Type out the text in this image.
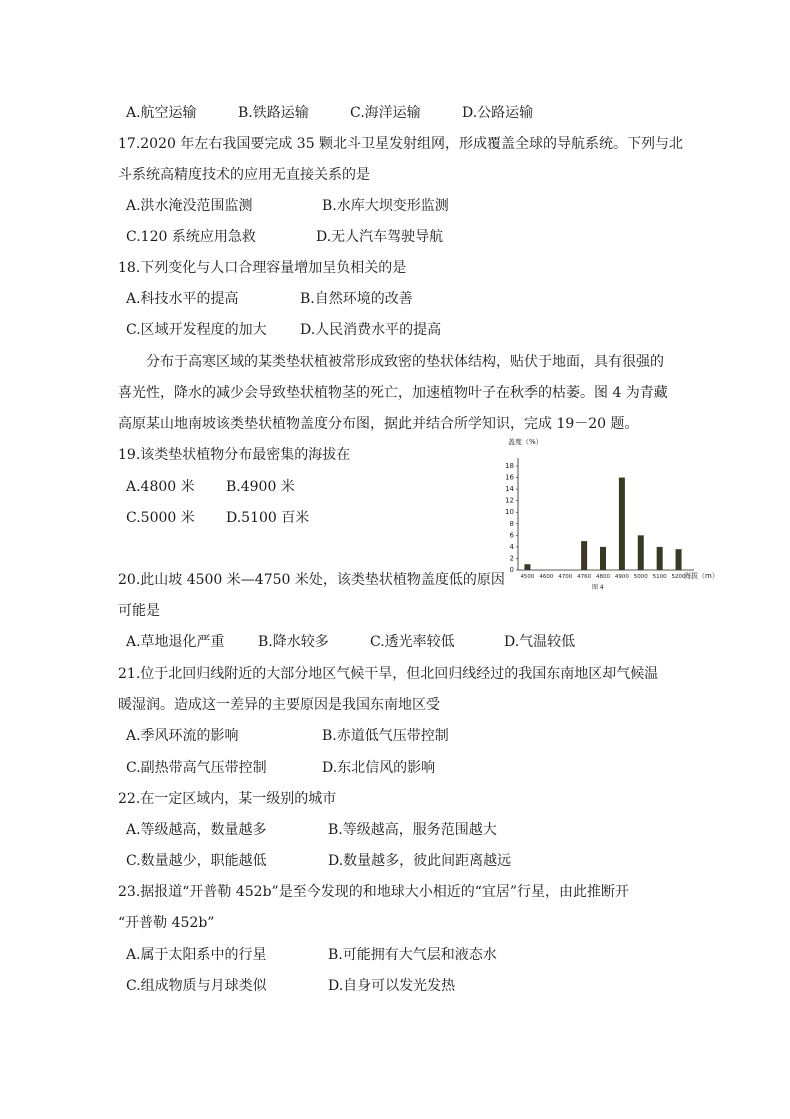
A.航空运输	B.铁路运输	C.海洋运输	D.公路运输
17.2020 年左右我国要完成 35 颗北斗卫星发射组网，形成覆盖全球的导航系统。下列与北
斗系统高精度技术的应用无直接关系的是
A.洪水淹没范围监测	B.水库大坝变形监测
C.120 系统应用急救	D.无人汽车驾驶导航
18.下列变化与人口合理容量增加呈负相关的是
A.科技水平的提高	B.自然环境的改善
C.区域开发程度的加大 D.人民消费水平的提高
分布于高寒区域的某类垫状植被常形成致密的垫状体结构，贴伏于地面，具有很强的
喜光性，降水的减少会导致垫状植物茎的死亡，加速植物叶子在秋季的枯萎。图 4 为青藏
高原某山地南坡该类垫状植物盖度分布图，据此并结合所学知识，完成 19－20 题。
19.该类垫状植物分布最密集的海拔在
A.4800 米 B.4900 米
C.5000 米 D.5100 百米
盖度（%）
0
2
4
6
8
10
12
14
16
18
4500 4600 4700 4760 4800 4900 5000 5100 5200
海拔（m）
图 4
20.此山坡 4500 米—4750 米处，该类垫状植物盖度低的原因
可能是
A.草地退化严重 B.降水较多	C.透光率较低	D.气温较低
21.位于北回归线附近的大部分地区气候干旱，但北回归线经过的我国东南地区却气候温
暖湿润。造成这一差异的主要原因是我国东南地区受
A.季风环流的影响	B.赤道低气压带控制
C.副热带高气压带控制	D.东北信风的影响
22.在一定区域内，某一级别的城市
A.等级越高，数量越多	B.等级越高，服务范围越大
C.数量越少，职能越低	D.数量越多，彼此间距离越远
23.据报道“开普勒 452b”是至今发现的和地球大小相近的“宜居”行星，由此推断开
“开普勒 452b”
A.属于太阳系中的行星	B.可能拥有大气层和液态水
C.组成物质与月球类似	D.自身可以发光发热
